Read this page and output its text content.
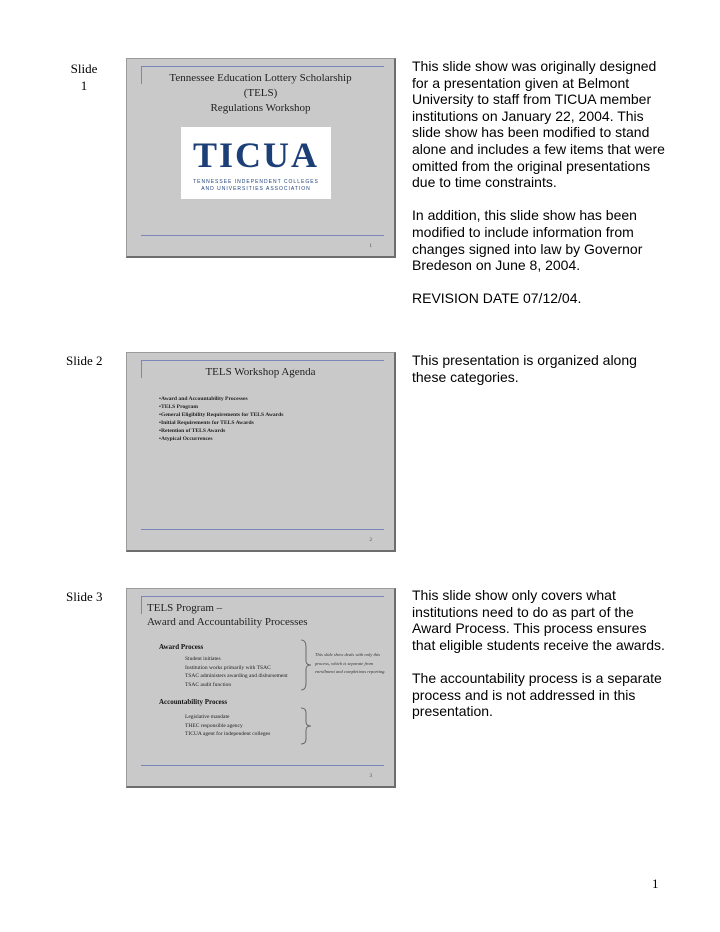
Slide 1	Tennessee Education Lottery Scholarship
(TELS)
Regulations Workshop
TICUA
TENNESSEE INDEPENDENT COLLEGES
AND UNIVERSITIES ASSOCIATION
1

This slide show was originally designed for a presentation given at Belmont University to staff from TICUA member institutions on January 22, 2004. This slide show has been modified to stand alone and includes a few items that were omitted from the original presentations due to time constraints.

In addition, this slide show has been modified to include information from changes signed into law by Governor Bredeson on June 8, 2004.

REVISION DATE 07/12/04.

Slide 2
TELS Workshop Agenda
• Award and Accountability Processes
• TELS Program
• General Eligibility Requirements for TELS Awards
• Initial Requirements for TELS Awards
• Retention of TELS Awards
• Atypical Occurrences
2

This presentation is organized along these categories.

Slide 3
TELS Program –
Award and Accountability Processes
Award Process
Student initiates
Institution works primarily with TSAC
TSAC administers awarding and disbursement
TSAC audit function
This slide show deals with only this process, which is separate from enrollment and completions reporting.
Accountability Process
Legislative mandate
THEC responsible agency
TICUA agent for independent colleges
3

This slide show only covers what institutions need to do as part of the Award Process. This process ensures that eligible students receive the awards.

The accountability process is a separate process and is not addressed in this presentation.

1
